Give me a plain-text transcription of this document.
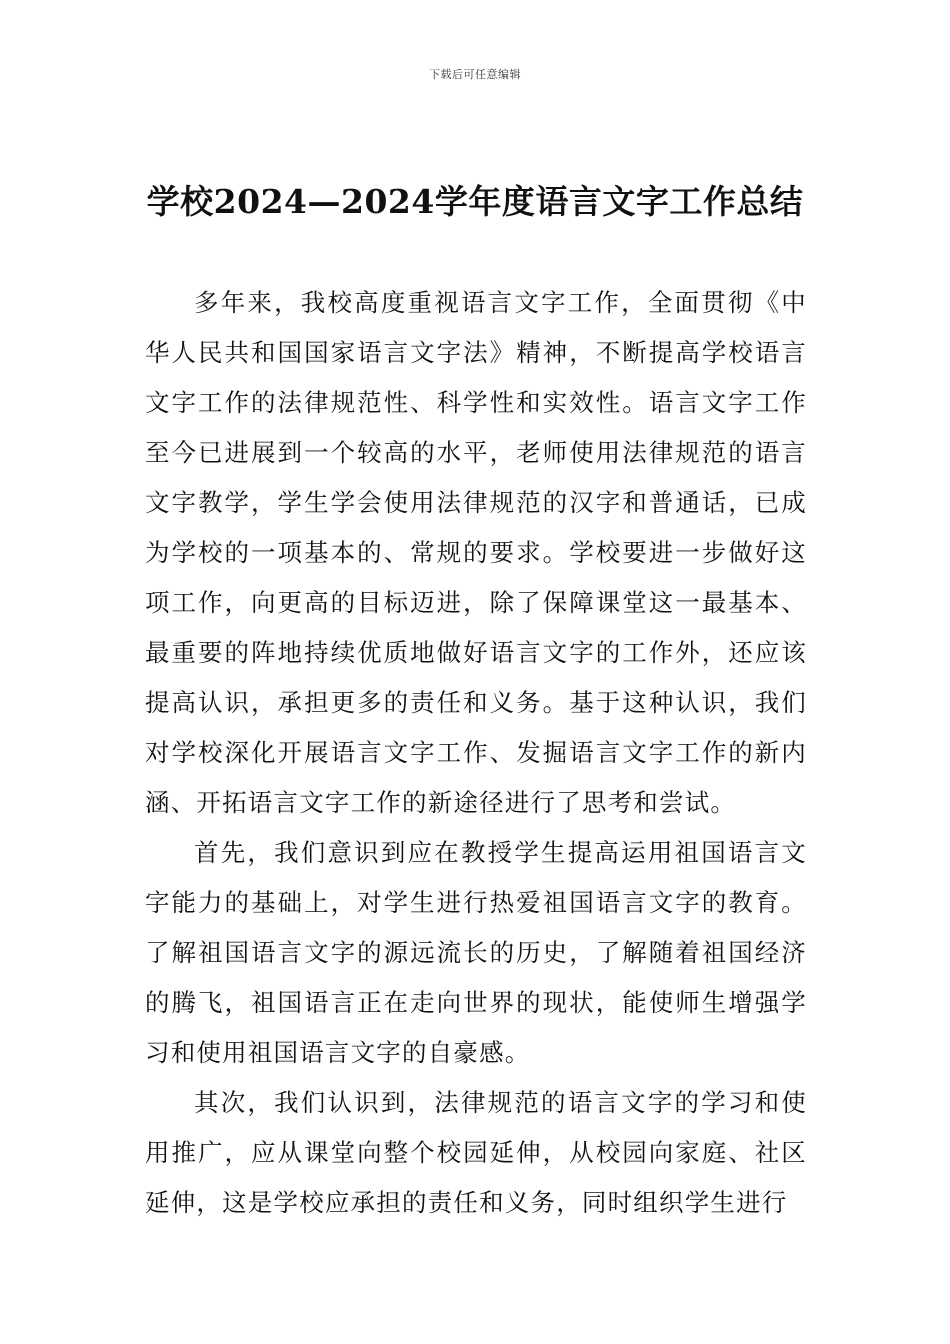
下载后可任意编辑
学校2024—2024学年度语言文字工作总结

多年来，我校高度重视语言文字工作，全面贯彻《中华人民共和国国家语言文字法》精神，不断提高学校语言文字工作的法律规范性、科学性和实效性。语言文字工作至今已进展到一个较高的水平，老师使用法律规范的语言文字教学，学生学会使用法律规范的汉字和普通话，已成为学校的一项基本的、常规的要求。学校要进一步做好这项工作，向更高的目标迈进，除了保障课堂这一最基本、最重要的阵地持续优质地做好语言文字的工作外，还应该提高认识，承担更多的责任和义务。基于这种认识，我们对学校深化开展语言文字工作、发掘语言文字工作的新内涵、开拓语言文字工作的新途径进行了思考和尝试。

首先，我们意识到应在教授学生提高运用祖国语言文字能力的基础上，对学生进行热爱祖国语言文字的教育。了解祖国语言文字的源远流长的历史，了解随着祖国经济的腾飞，祖国语言正在走向世界的现状，能使师生增强学习和使用祖国语言文字的自豪感。

其次，我们认识到，法律规范的语言文字的学习和使用推广，应从课堂向整个校园延伸，从校园向家庭、社区延伸，这是学校应承担的责任和义务，同时组织学生进行
